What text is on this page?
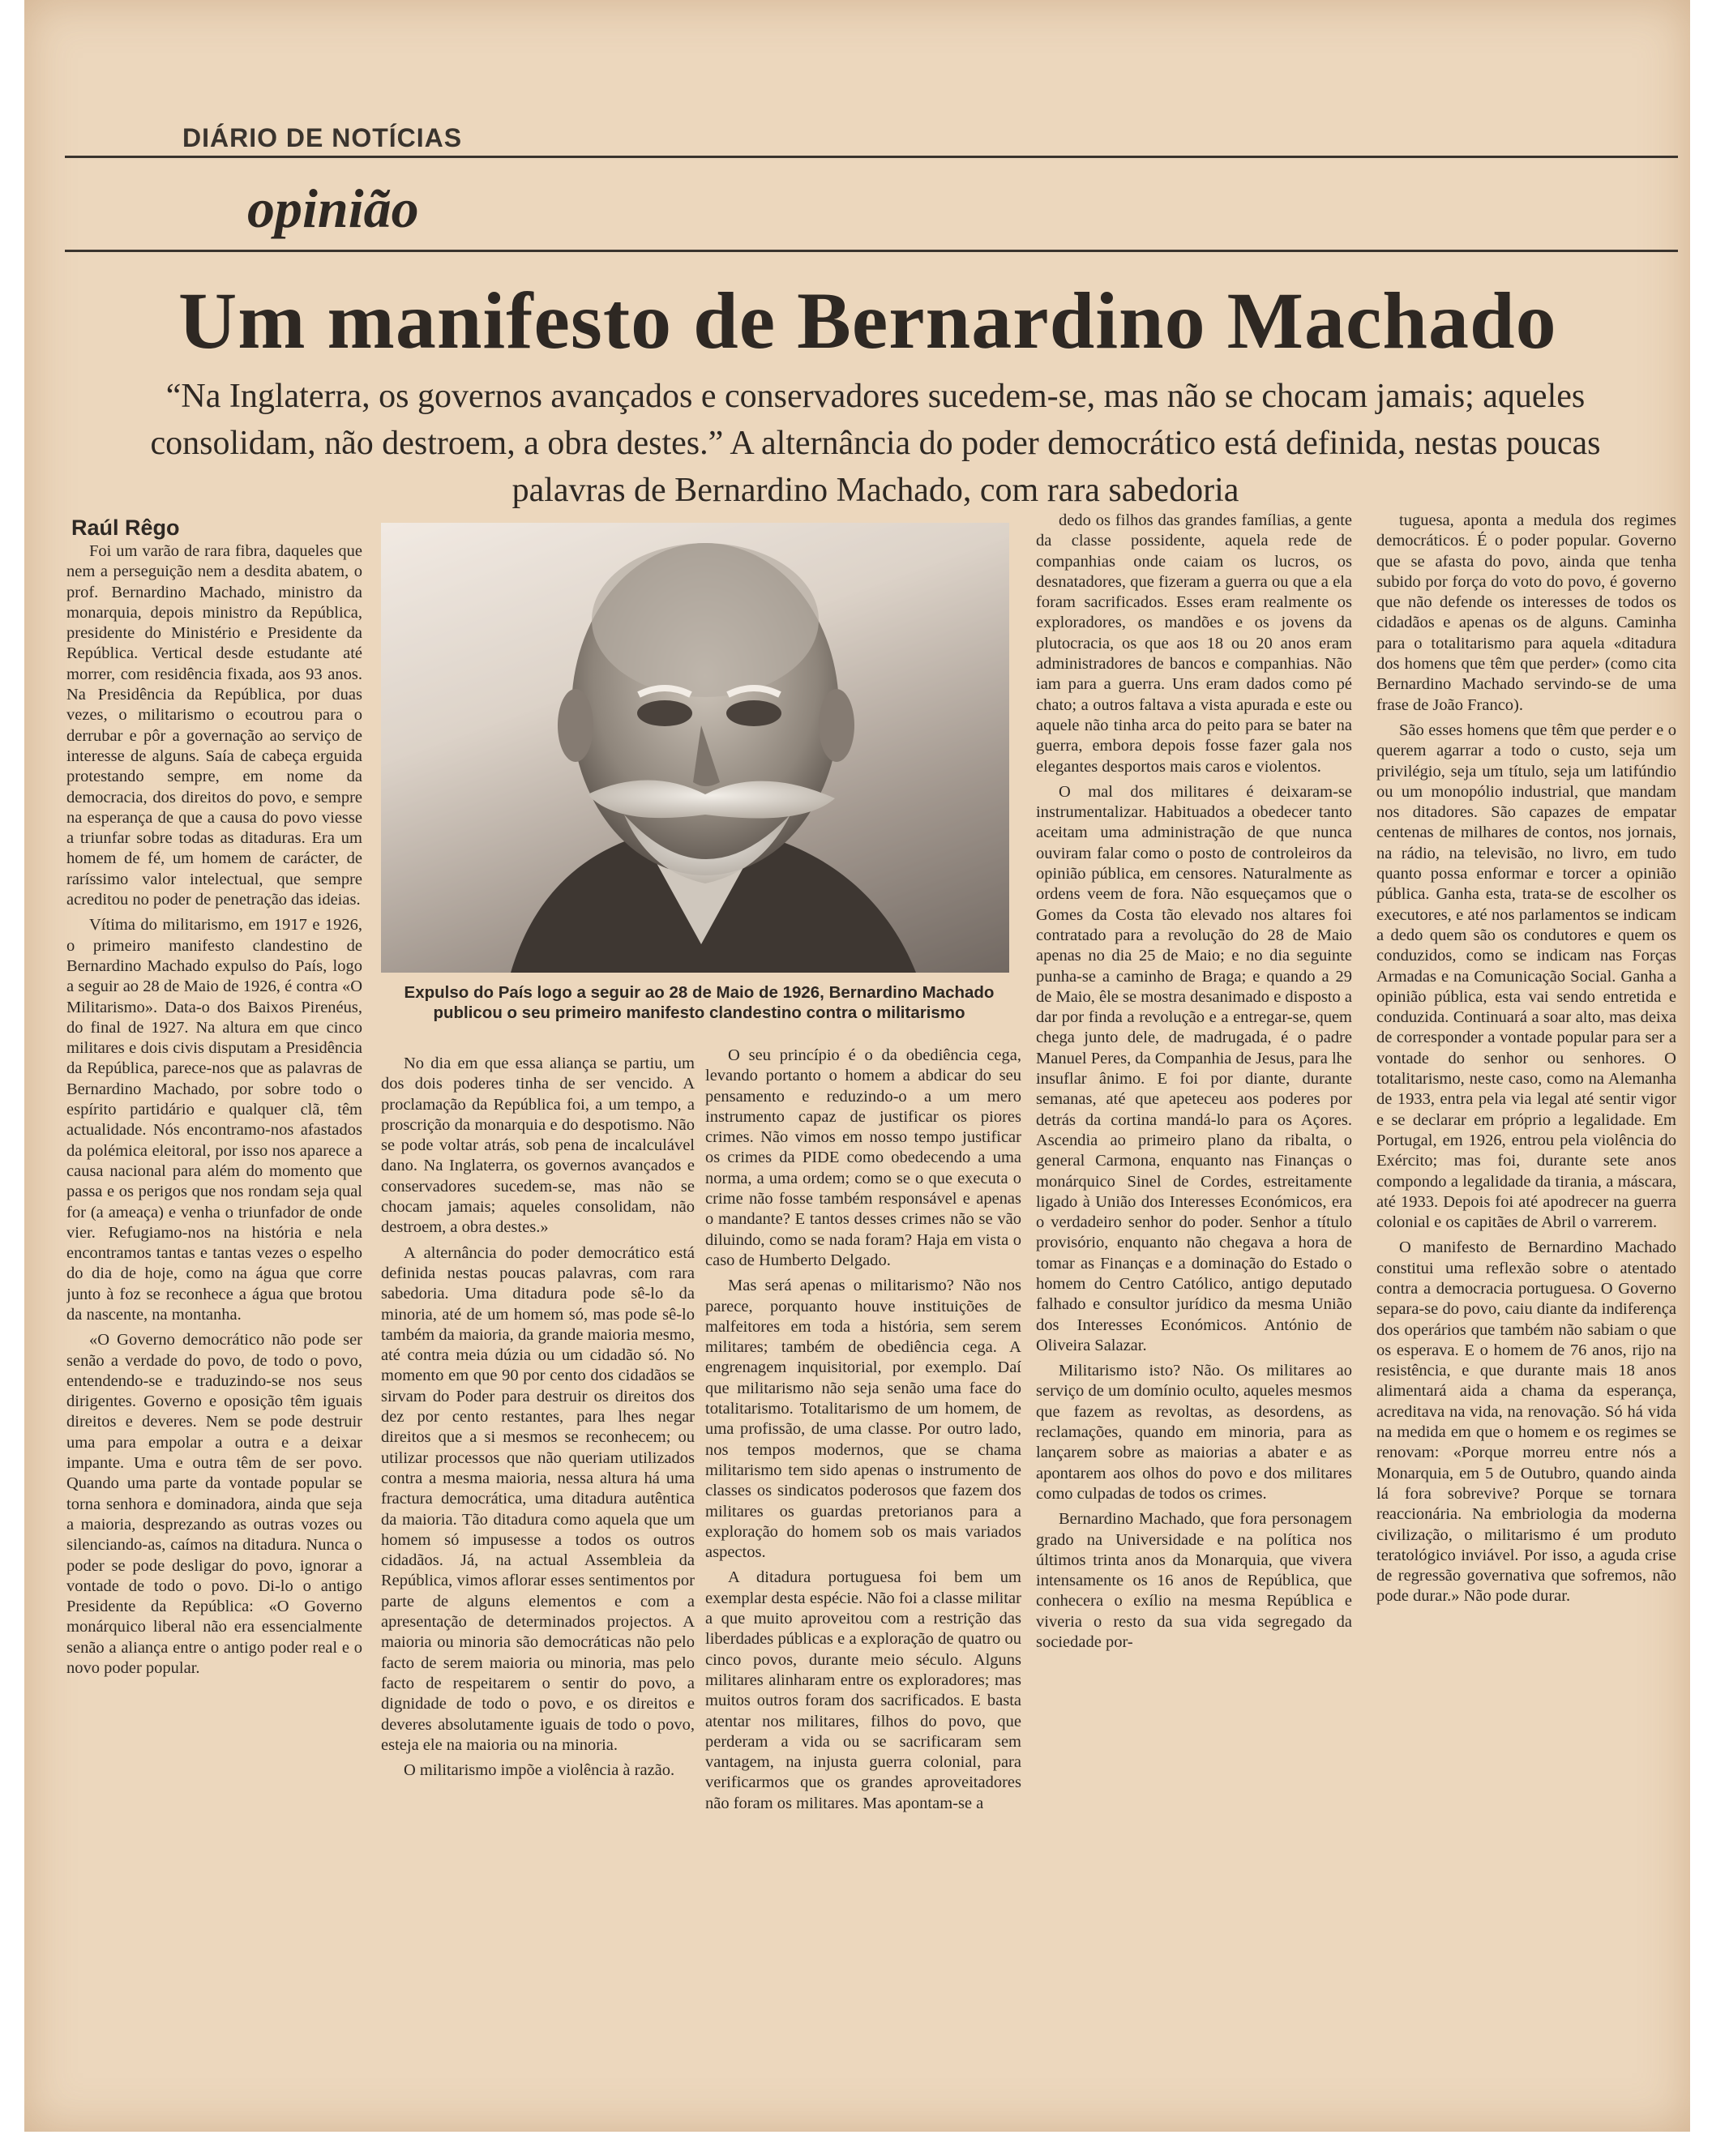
DIÁRIO DE NOTÍCIAS
opinião
Um manifesto de Bernardino Machado
“Na Inglaterra, os governos avançados e conservadores sucedem-se, mas não se chocam jamais; aqueles consolidam, não destroem, a obra destes.” A alternância do poder democrático está definida, nestas poucas palavras de Bernardino Machado, com rara sabedoria
Raúl Rêgo
Expulso do País logo a seguir ao 28 de Maio de 1926, Bernardino Machado publicou o seu primeiro manifesto clandestino contra o militarismo

Foi um varão de rara fibra, daqueles que nem a perseguição nem a desdita abatem, o prof. Bernardino Machado, ministro da monarquia, depois ministro da República, presidente do Ministério e Presidente da República. Vertical desde estudante até morrer, com residência fixada, aos 93 anos. Na Presidência da República, por duas vezes, o militarismo o ecoutrou para o derrubar e pôr a governação ao serviço de interesse de alguns. Saía de cabeça erguida protestando sempre, em nome da democracia, dos direitos do povo, e sempre na esperança de que a causa do povo viesse a triunfar sobre todas as ditaduras. Era um homem de fé, um homem de carácter, de raríssimo valor intelectual, que sempre acreditou no poder de penetração das ideias.

Vítima do militarismo, em 1917 e 1926, o primeiro manifesto clandestino de Bernardino Machado expulso do País, logo a seguir ao 28 de Maio de 1926, é contra «O Militarismo». Data-o dos Baixos Pirenéus, do final de 1927. Na altura em que cinco militares e dois civis disputam a Presidência da República, parece-nos que as palavras de Bernardino Machado, por sobre todo o espírito partidário e qualquer clã, têm actualidade. Nós encontramo-nos afastados da polémica eleitoral, por isso nos aparece a causa nacional para além do momento que passa e os perigos que nos rondam seja qual for (a ameaça) e venha o triunfador de onde vier. Refugiamo-nos na história e nela encontramos tantas e tantas vezes o espelho do dia de hoje, como na água que corre junto à foz se reconhece a água que brotou da nascente, na montanha.

«O Governo democrático não pode ser senão a verdade do povo, de todo o povo, entendendo-se e traduzindo-se nos seus dirigentes. Governo e oposição têm iguais direitos e deveres. Nem se pode destruir uma para empolar a outra e a deixar impante. Uma e outra têm de ser povo. Quando uma parte da vontade popular se torna senhora e dominadora, ainda que seja a maioria, desprezando as outras vozes ou silenciando-as, caímos na ditadura. Nunca o poder se pode desligar do povo, ignorar a vontade de todo o povo. Di-lo o antigo Presidente da República: «O Governo monárquico liberal não era essencialmente senão a aliança entre o antigo poder real e o novo poder popular.

No dia em que essa aliança se partiu, um dos dois poderes tinha de ser vencido. A proclamação da República foi, a um tempo, a proscrição da monarquia e do despotismo. Não se pode voltar atrás, sob pena de incalculável dano. Na Inglaterra, os governos avançados e conservadores sucedem-se, mas não se chocam jamais; aqueles consolidam, não destroem, a obra destes.»

A alternância do poder democrático está definida nestas poucas palavras, com rara sabedoria. Uma ditadura pode sê-lo da minoria, até de um homem só, mas pode sê-lo também da maioria, da grande maioria mesmo, até contra meia dúzia ou um cidadão só. No momento em que 90 por cento dos cidadãos se sirvam do Poder para destruir os direitos dos dez por cento restantes, para lhes negar direitos que a si mesmos se reconhecem; ou utilizar processos que não queriam utilizados contra a mesma maioria, nessa altura há uma fractura democrática, uma ditadura autêntica da maioria. Tão ditadura como aquela que um homem só impusesse a todos os outros cidadãos. Já, na actual Assembleia da República, vimos aflorar esses sentimentos por parte de alguns elementos e com a apresentação de determinados projectos. A maioria ou minoria são democráticas não pelo facto de serem maioria ou minoria, mas pelo facto de respeitarem o sentir do povo, a dignidade de todo o povo, e os direitos e deveres absolutamente iguais de todo o povo, esteja ele na maioria ou na minoria.

O militarismo impõe a violência à razão.

O seu princípio é o da obediência cega, levando portanto o homem a abdicar do seu pensamento e reduzindo-o a um mero instrumento capaz de justificar os piores crimes. Não vimos em nosso tempo justificar os crimes da PIDE como obedecendo a uma norma, a uma ordem; como se o que executa o crime não fosse também responsável e apenas o mandante? E tantos desses crimes não se vão diluindo, como se nada foram? Haja em vista o caso de Humberto Delgado.

Mas será apenas o militarismo? Não nos parece, porquanto houve instituições de malfeitores em toda a história, sem serem militares; também de obediência cega. A engrenagem inquisitorial, por exemplo. Daí que militarismo não seja senão uma face do totalitarismo. Totalitarismo de um homem, de uma profissão, de uma classe. Por outro lado, nos tempos modernos, que se chama militarismo tem sido apenas o instrumento de classes os sindicatos poderosos que fazem dos militares os guardas pretorianos para a exploração do homem sob os mais variados aspectos.

A ditadura portuguesa foi bem um exemplar desta espécie. Não foi a classe militar a que muito aproveitou com a restrição das liberdades públicas e a exploração de quatro ou cinco povos, durante meio século. Alguns militares alinharam entre os exploradores; mas muitos outros foram dos sacrificados. E basta atentar nos militares, filhos do povo, que perderam a vida ou se sacrificaram sem vantagem, na injusta guerra colonial, para verificarmos que os grandes aproveitadores não foram os militares. Mas apontam-se a

dedo os filhos das grandes famílias, a gente da classe possidente, aquela rede de companhias onde caiam os lucros, os desnatadores, que fizeram a guerra ou que a ela foram sacrificados. Esses eram realmente os exploradores, os mandões e os jovens da plutocracia, os que aos 18 ou 20 anos eram administradores de bancos e companhias. Não iam para a guerra. Uns eram dados como pé chato; a outros faltava a vista apurada e este ou aquele não tinha arca do peito para se bater na guerra, embora depois fosse fazer gala nos elegantes desportos mais caros e violentos.

O mal dos militares é deixaram-se instrumentalizar. Habituados a obedecer tanto aceitam uma administração de que nunca ouviram falar como o posto de controleiros da opinião pública, em censores. Naturalmente as ordens veem de fora. Não esqueçamos que o Gomes da Costa tão elevado nos altares foi contratado para a revolução do 28 de Maio apenas no dia 25 de Maio; e no dia seguinte punha-se a caminho de Braga; e quando a 29 de Maio, êle se mostra desanimado e disposto a dar por finda a revolução e a entregar-se, quem chega junto dele, de madrugada, é o padre Manuel Peres, da Companhia de Jesus, para lhe insuflar ânimo. E foi por diante, durante semanas, até que apeteceu aos poderes por detrás da cortina mandá-lo para os Açores. Ascendia ao primeiro plano da ribalta, o general Carmona, enquanto nas Finanças o monárquico Sinel de Cordes, estreitamente ligado à União dos Interesses Económicos, era o verdadeiro senhor do poder. Senhor a título provisório, enquanto não chegava a hora de tomar as Finanças e a dominação do Estado o homem do Centro Católico, antigo deputado falhado e consultor jurídico da mesma União dos Interesses Económicos. António de Oliveira Salazar.

Militarismo isto? Não. Os militares ao serviço de um domínio oculto, aqueles mesmos que fazem as revoltas, as desordens, as reclamações, quando em minoria, para as lançarem sobre as maiorias a abater e as apontarem aos olhos do povo e dos militares como culpadas de todos os crimes.

Bernardino Machado, que fora personagem grado na Universidade e na política nos últimos trinta anos da Monarquia, que vivera intensamente os 16 anos de República, que conhecera o exílio na mesma República e viveria o resto da sua vida segregado da sociedade por-

tuguesa, aponta a medula dos regimes democráticos. É o poder popular. Governo que se afasta do povo, ainda que tenha subido por força do voto do povo, é governo que não defende os interesses de todos os cidadãos e apenas os de alguns. Caminha para o totalitarismo para aquela «ditadura dos homens que têm que perder» (como cita Bernardino Machado servindo-se de uma frase de João Franco).

São esses homens que têm que perder e o querem agarrar a todo o custo, seja um privilégio, seja um título, seja um latifúndio ou um monopólio industrial, que mandam nos ditadores. São capazes de empatar centenas de milhares de contos, nos jornais, na rádio, na televisão, no livro, em tudo quanto possa enformar e torcer a opinião pública. Ganha esta, trata-se de escolher os executores, e até nos parlamentos se indicam a dedo quem são os condutores e quem os conduzidos, como se indicam nas Forças Armadas e na Comunicação Social. Ganha a opinião pública, esta vai sendo entretida e conduzida. Continuará a soar alto, mas deixa de corresponder a vontade popular para ser a vontade do senhor ou senhores. O totalitarismo, neste caso, como na Alemanha de 1933, entra pela via legal até sentir vigor e se declarar em próprio a legalidade. Em Portugal, em 1926, entrou pela violência do Exército; mas foi, durante sete anos compondo a legalidade da tirania, a máscara, até 1933. Depois foi até apodrecer na guerra colonial e os capitães de Abril o varrerem.

O manifesto de Bernardino Machado constitui uma reflexão sobre o atentado contra a democracia portuguesa. O Governo separa-se do povo, caiu diante da indiferença dos operários que também não sabiam o que os esperava. E o homem de 76 anos, rijo na resistência, e que durante mais 18 anos alimentará aida a chama da esperança, acreditava na vida, na renovação. Só há vida na medida em que o homem e os regimes se renovam: «Porque morreu entre nós a Monarquia, em 5 de Outubro, quando ainda lá fora sobrevive? Porque se tornara reaccionária. Na embriologia da moderna civilização, o militarismo é um produto teratológico inviável. Por isso, a aguda crise de regressão governativa que sofremos, não pode durar.» Não pode durar.
